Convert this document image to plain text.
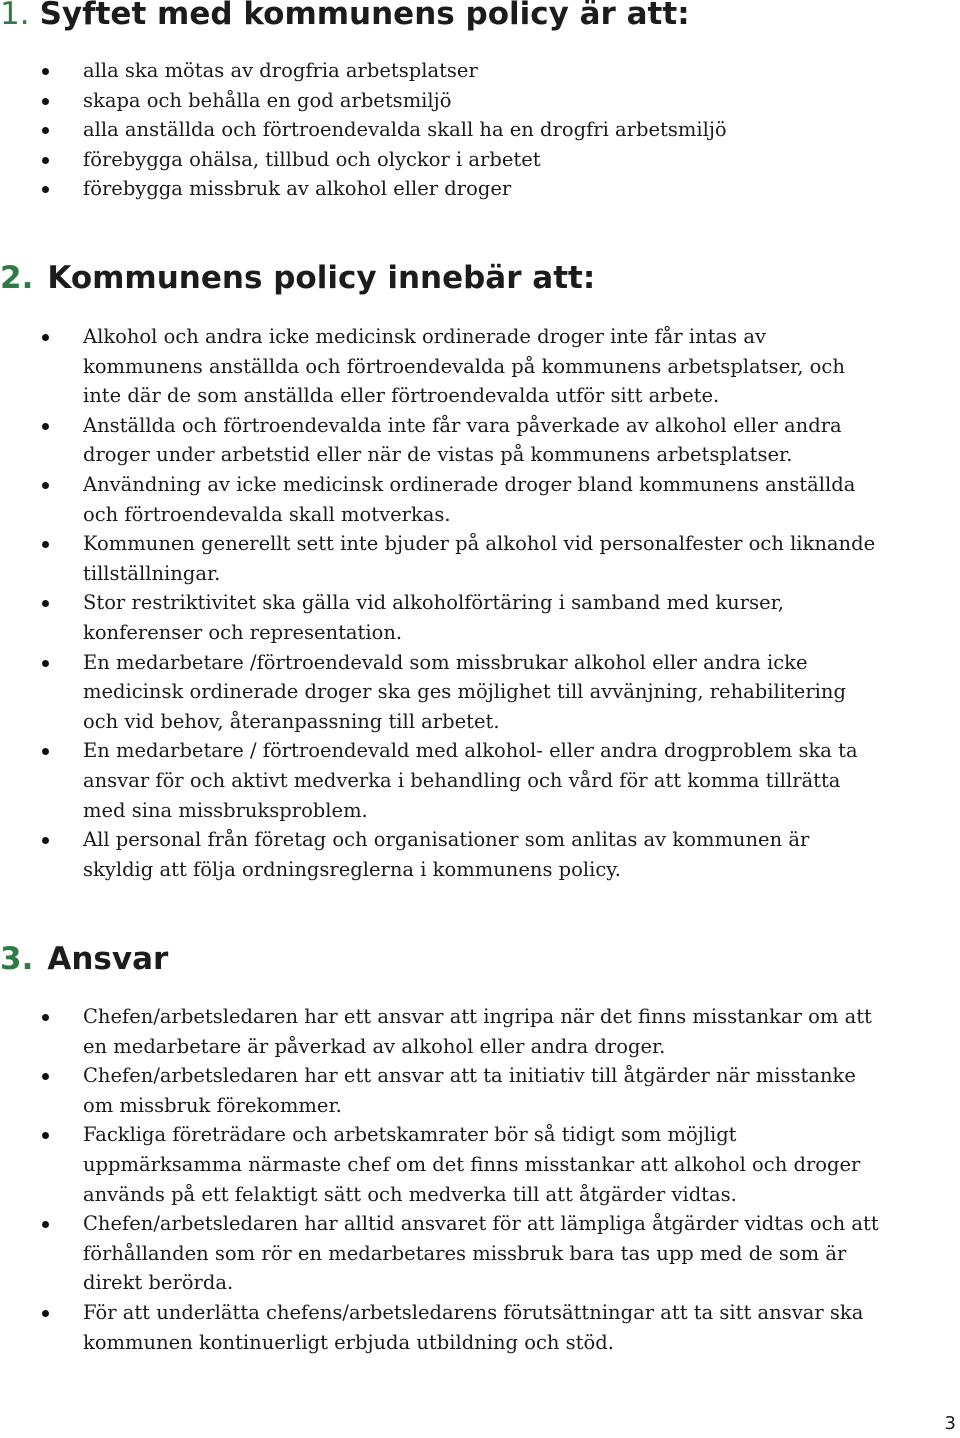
1. Syftet med kommunens policy är att:
alla ska mötas av drogfria arbetsplatser
skapa och behålla en god arbetsmiljö
alla anställda och förtroendevalda skall ha en drogfri arbetsmiljö
förebygga ohälsa, tillbud och olyckor i arbetet
förebygga missbruk av alkohol eller droger
2. Kommunens policy innebär att:
Alkohol och andra icke medicinsk ordinerade droger inte får intas av kommunens anställda och förtroendevalda på kommunens arbetsplatser, och inte där de som anställda eller förtroendevalda utför sitt arbete.
Anställda och förtroendevalda inte får vara påverkade av alkohol eller andra droger under arbetstid eller när de vistas på kommunens arbetsplatser.
Användning av icke medicinsk ordinerade droger bland kommunens anställda och förtroendevalda skall motverkas.
Kommunen generellt sett inte bjuder på alkohol vid personalfester och liknande tillställningar.
Stor restriktivitet ska gälla vid alkoholförtäring i samband med kurser, konferenser och representation.
En medarbetare /förtroendevald som missbrukar alkohol eller andra icke medicinsk ordinerade droger ska ges möjlighet till avvänjning, rehabilitering och vid behov, återanpassning till arbetet.
En medarbetare / förtroendevald med alkohol- eller andra drogproblem ska ta ansvar för och aktivt medverka i behandling och vård för att komma tillrätta med sina missbruksproblem.
All personal från företag och organisationer som anlitas av kommunen är skyldig att följa ordningsreglerna i kommunens policy.
3. Ansvar
Chefen/arbetsledaren har ett ansvar att ingripa när det finns misstankar om att en medarbetare är påverkad av alkohol eller andra droger.
Chefen/arbetsledaren har ett ansvar att ta initiativ till åtgärder när misstanke om missbruk förekommer.
Fackliga företrädare och arbetskamrater bör så tidigt som möjligt uppmärksamma närmaste chef om det finns misstankar att alkohol och droger används på ett felaktigt sätt och medverka till att åtgärder vidtas.
Chefen/arbetsledaren har alltid ansvaret för att lämpliga åtgärder vidtas och att förhållanden som rör en medarbetares missbruk bara tas upp med de som är direkt berörda.
För att underlätta chefens/arbetsledarens förutsättningar att ta sitt ansvar ska kommunen kontinuerligt erbjuda utbildning och stöd.
3
